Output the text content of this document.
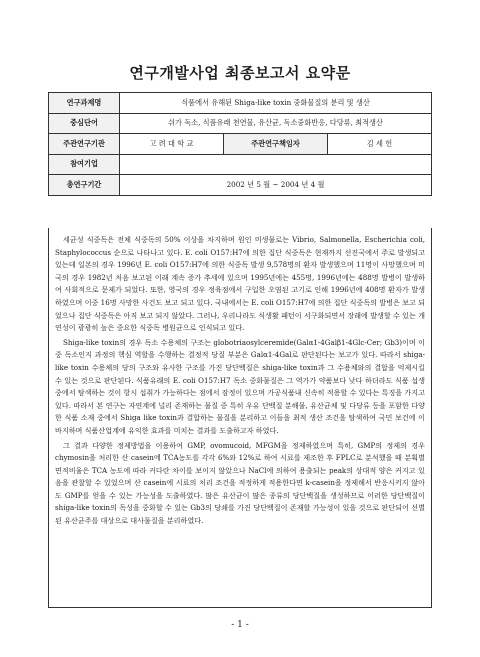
연구개발사업 최종보고서 요약문
연구과제명	식품에서 유해된 Shiga-like toxin 중화물질의 분리 및 생산		
중심단어	쉬가 독소, 식품유래 천연물, 유산균, 독소중화반응, 다당류, 최적생산		
주관연구기관	고 려 대 학 교	주관연구책임자	김 세 헌
참여기업			
총연구기간	2002 년 5 월 ~ 2004 년 4 월		

세균성 식중독은 전체 식중독의 50% 이상을 차지하며 원인 미생물로는 Vibrio, Salmonella, Escherichia coli, Staphylococcus 순으로 나타나고 있다. E. coli O157:H7에 의한 집단 식중독은 현재까지 선진국에서 주로 발생되고 있는데 일본의 경우 1996년 E. coli O157:H7에 의한 식중독 발생 9,578명의 환자 발생했으며 11명이 사망했으며 미국의 경우 1982년 처음 보고된 이래 계속 증가 추세에 있으며 1995년에는 455명, 1996년에는 488명 발병이 발생하여 사회적으로 문제가 되었다. 또한, 영국의 경우 정육점에서 구입한 오염된 고기로 인해 1996년에 408명 환자가 발생하였으며 이중 16명 사망한 사건도 보고 되고 있다. 국내에서는 E. coli O157:H7에 의한 집단 식중독의 발병은 보고 되었으나 집단 식중독은 아직 보고 되지 않았다. 그러나, 우리나라도 식생활 패턴이 서구화되면서 장래에 발생할 수 있는 개연성이 광광히 높은 중요한 식중독 병원균으로 인식되고 있다.

Shiga-like toxin의 경우 독소 수용체의 구조는 globotriaosylceremide(Galα1-4Galβ1-4Glc-Cer; Gb3)이며 이 중 독소인지 과정의 핵심 역할을 수행하는 결정적 당질 부분은 Galα1-4Gal로 판단된다는 보고가 있다. 따라서 shiga-like toxin 수용체의 당의 구조와 유사한 구조를 가진 당단백질은 shiga-like toxin과 그 수용체와의 결합을 억제시킬 수 있는 것으로 판단된다. 식품유래의 E. coli O157:H7 독소 중화물질은 그 역가가 약품보다 낮다 하더라도 식품 섭생 중에서 탐색하는 것이 항시 섭취가 가능하다는 점에서 잠정이 있으며 가공식품내 신속히 적용할 수 있다는 특징을 가지고 있다. 따라서 본 연구는 자연계에 널리 존재하는 물질 중 특히 우유 단백질 분해물, 유산균체 및 다당류 등을 포함한 다양 한 식품 소재 중에서 Shiga like toxin과 결합하는 물질을 분리하고 이들을 최적 생산 조건을 탐색하여 국민 보건에 이바지하며 식품산업계에 유익한 효과를 미치는 결과를 도출하고자 하였다.

그 결과 다양한 정제방법을 이용하여 GMP, ovomucoid, MFGM을 정제하였으며 특히, GMP의 정제의 경우 chymosin을 처리한 산 casein에 TCA농도를 각각 6%와 12%로 하여 시료를 제조한 후 FPLC로 분석했을 때 분획별 면적비율은 TCA 농도에 따라 커다란 차이를 보이지 않았으나 NaCl에 의하여 용출되는 peak의 상대적 양은 커지고 있음을 관찰할 수 있었으며 산 casein에 시료의 처리 조건을 적정하게 적용한다면 k-casein을 정제해서 반응시키지 않아도 GMP를 얻을 수 있는 가능성을 도출하였다. 많은 유산균이 많은 종류의 당단백질을 생성하므로 이러한 당단백질이 shiga-like toxin의 독성을 중화할 수 있는 Gb3의 당쇄를 가진 당단백질이 존재할 가능성이 있을 것으로 판단되어 선별된 유산균주를 대상으로 대사물질을 분리하였다.

- 1 -
